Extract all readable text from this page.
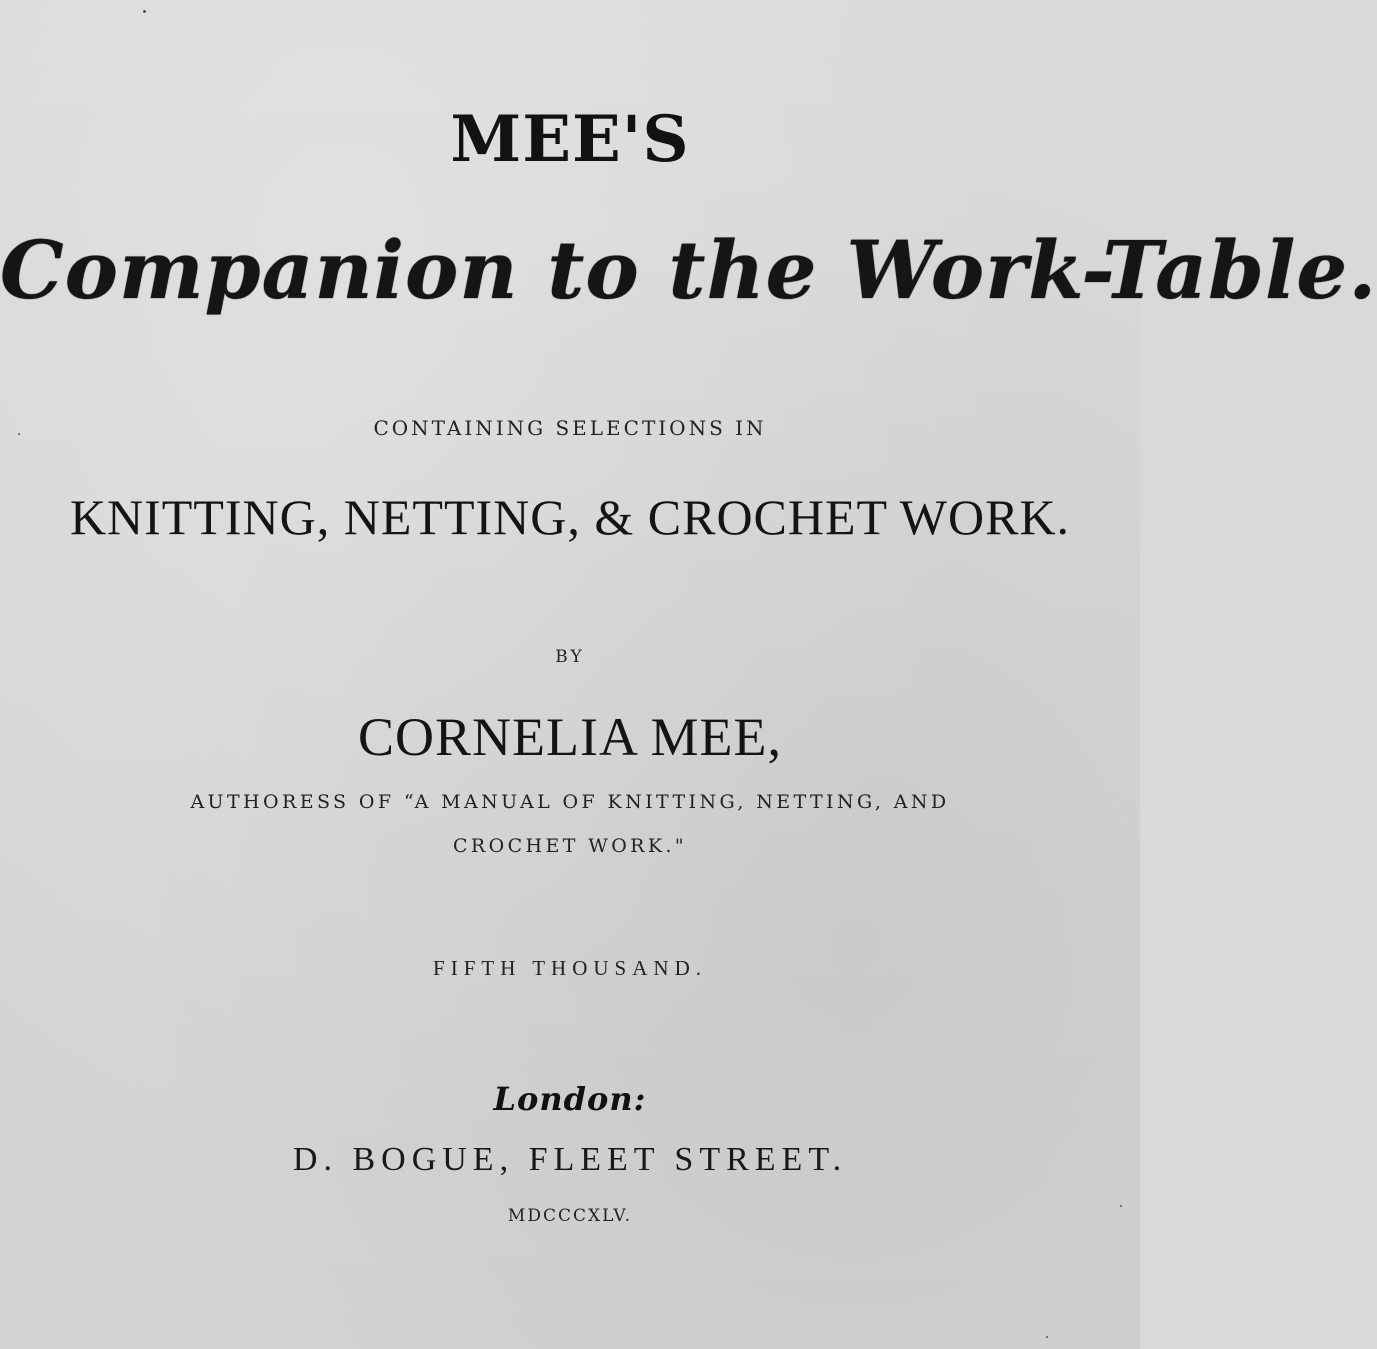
MEE'S
Companion to the Work-Table.
CONTAINING SELECTIONS IN
KNITTING, NETTING, & CROCHET WORK.
BY
CORNELIA MEE,
AUTHORESS OF “A MANUAL OF KNITTING, NETTING, AND
CROCHET WORK."
FIFTH THOUSAND.
London:
D. BOGUE, FLEET STREET.
MDCCCXLV.
